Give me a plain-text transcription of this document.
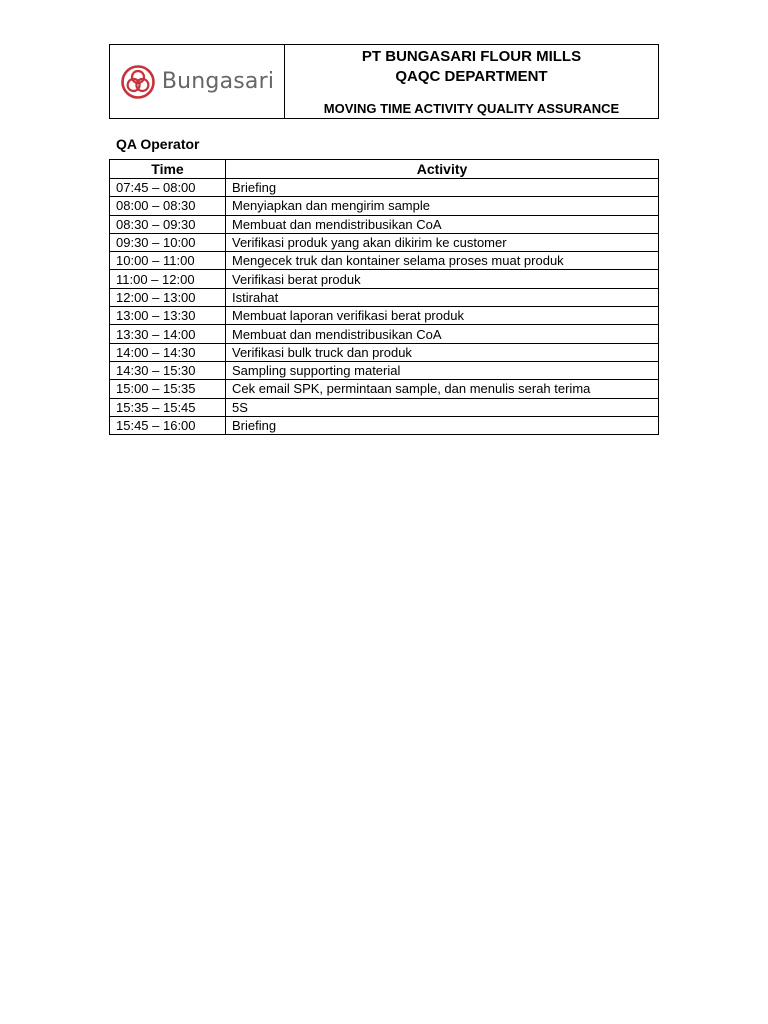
Bungasari
PT BUNGASARI FLOUR MILLS
QAQC DEPARTMENT
MOVING TIME ACTIVITY QUALITY ASSURANCE
QA Operator
Time	Activity
07:45 – 08:00	Briefing
08:00 – 08:30	Menyiapkan dan mengirim sample
08:30 – 09:30	Membuat dan mendistribusikan CoA
09:30 – 10:00	Verifikasi produk yang akan dikirim ke customer
10:00 – 11:00	Mengecek truk dan kontainer selama proses muat produk
11:00 – 12:00	Verifikasi berat produk
12:00 – 13:00	Istirahat
13:00 – 13:30	Membuat laporan verifikasi berat produk
13:30 – 14:00	Membuat dan mendistribusikan CoA
14:00 – 14:30	Verifikasi bulk truck dan produk
14:30 – 15:30	Sampling supporting material
15:00 – 15:35	Cek email SPK, permintaan sample, dan menulis serah terima
15:35 – 15:45	5S
15:45 – 16:00	Briefing
